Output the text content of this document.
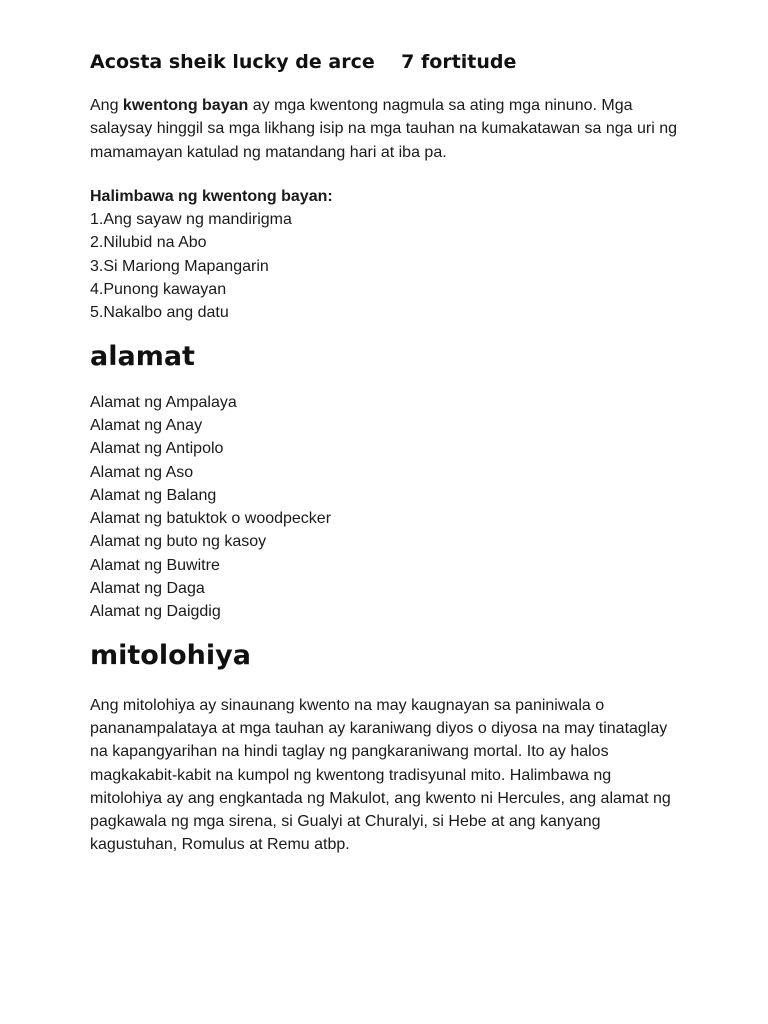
Acosta sheik lucky de arce    7 fortitude

Ang kwentong bayan ay mga kwentong nagmula sa ating mga ninuno. Mga salaysay hinggil sa mga likhang isip na mga tauhan na kumakatawan sa nga uri ng mamamayan katulad ng matandang hari at iba pa.

Halimbawa ng kwentong bayan:

1.Ang sayaw ng mandirigma
2.Nilubid na Abo
3.Si Mariong Mapangarin
4.Punong kawayan
5.Nakalbo ang datu
alamat
Alamat ng Ampalaya
Alamat ng Anay
Alamat ng Antipolo
Alamat ng Aso
Alamat ng Balang
Alamat ng batuktok o woodpecker
Alamat ng buto ng kasoy
Alamat ng Buwitre
Alamat ng Daga
Alamat ng Daigdig
mitolohiya

Ang mitolohiya ay sinaunang kwento na may kaugnayan sa paniniwala o pananampalataya at mga tauhan ay karaniwang diyos o diyosa na may tinataglay na kapangyarihan na hindi taglay ng pangkaraniwang mortal. Ito ay halos magkakabit-kabit na kumpol ng kwentong tradisyunal mito. Halimbawa ng mitolohiya ay ang engkantada ng Makulot, ang kwento ni Hercules, ang alamat ng pagkawala ng mga sirena, si Gualyi at Churalyi, si Hebe at ang kanyang kagustuhan, Romulus at Remu atbp.
